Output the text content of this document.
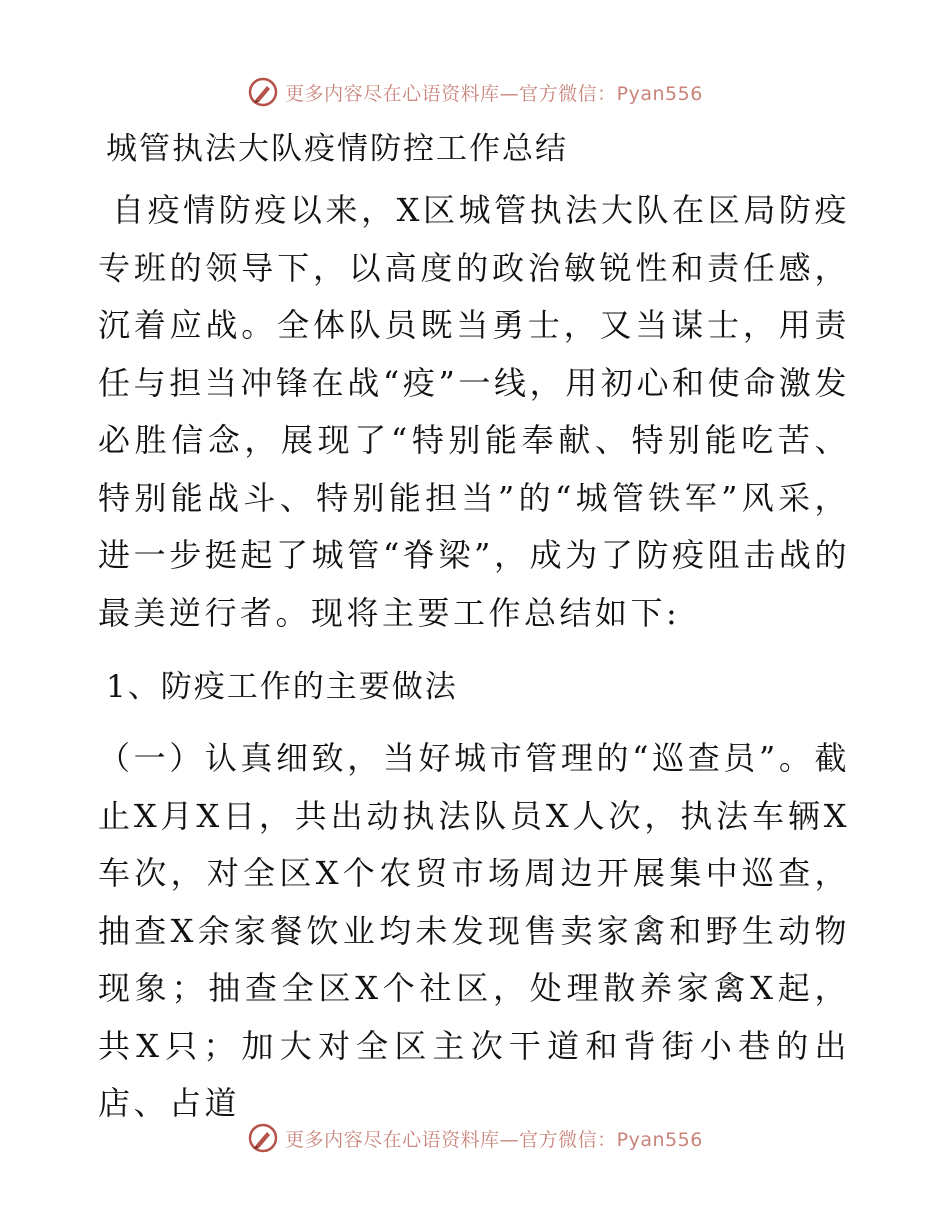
更多内容尽在心语资料库—官方微信：Pyan556
城管执法大队疫情防控工作总结
自疫情防疫以来，X区城管执法大队在区局防疫专班的领导下，以高度的政治敏锐性和责任感，沉着应战。全体队员既当勇士，又当谋士，用责任与担当冲锋在战“疫”一线，用初心和使命激发必胜信念，展现了“特别能奉献、特别能吃苦、特别能战斗、特别能担当”的“城管铁军”风采，进一步挺起了城管“脊梁”，成为了防疫阻击战的最美逆行者。现将主要工作总结如下:
1、防疫工作的主要做法
（一）认真细致，当好城市管理的“巡查员”。截止X月X日，共出动执法队员X人次，执法车辆X车次，对全区X个农贸市场周边开展集中巡查，抽查X余家餐饮业均未发现售卖家禽和野生动物现象；抽查全区X个社区，处理散养家禽X起，共X只；加大对全区主次干道和背街小巷的出店、占道
更多内容尽在心语资料库—官方微信：Pyan556
